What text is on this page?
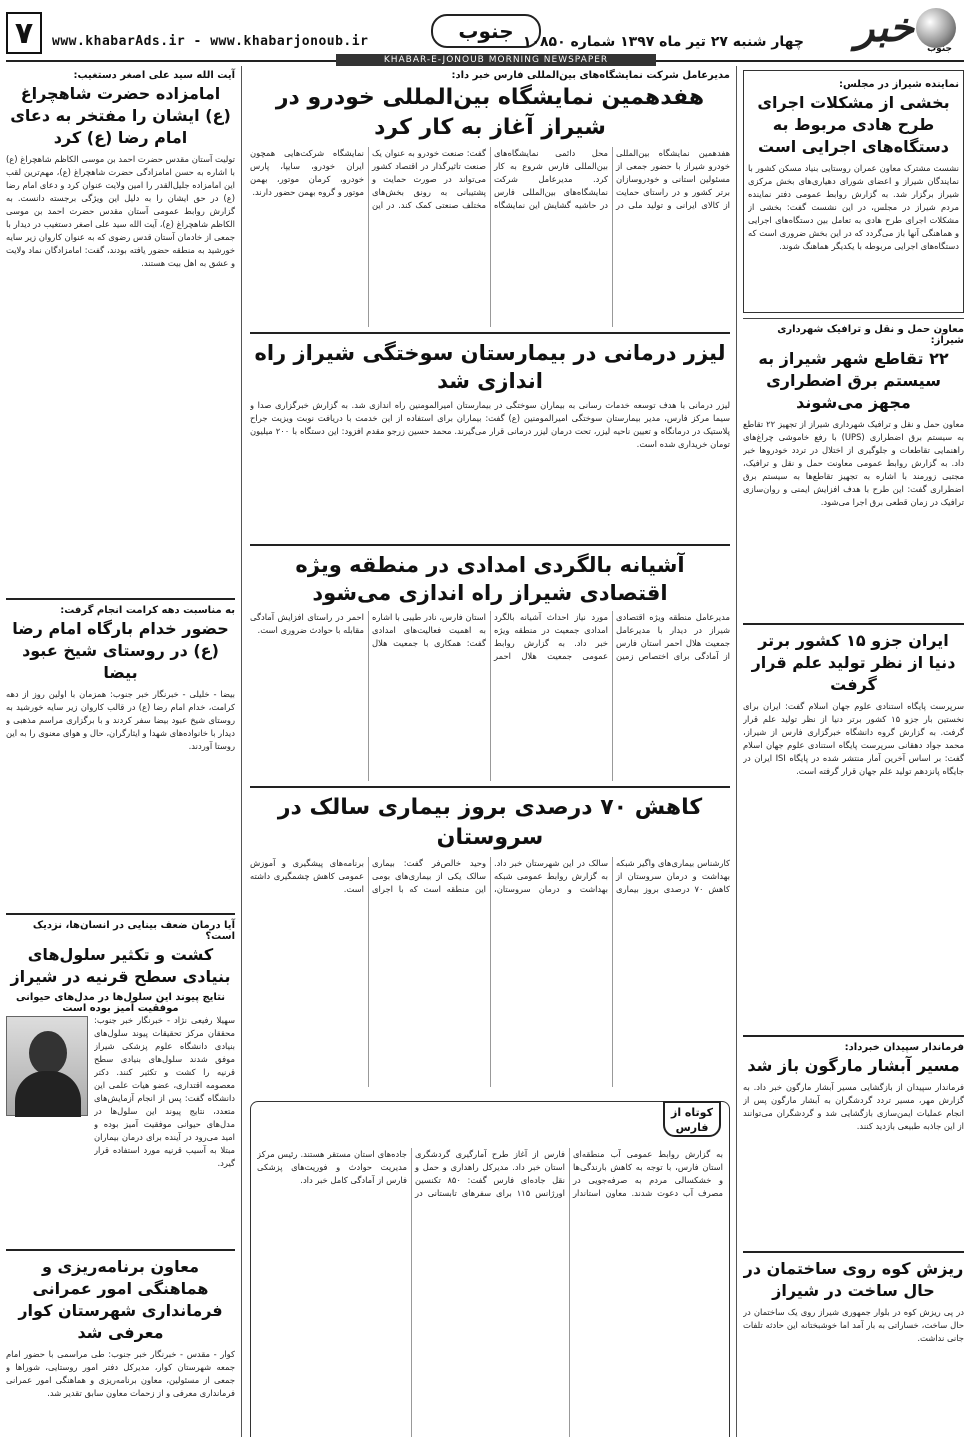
۷	www.khabarAds.ir - www.khabarjonoub.ir	جنوب چهار شنبه ۲۷ تیر ماه ۱۳۹۷ شماره ۱۰۸۵۰ خبر جنوب
KHABAR-E-JONOUB MORNING NEWSPAPER
نماینده شیراز در مجلس:
بخشی از مشکلات اجرای طرح هادی مربوط به دستگاه‌های اجرایی است
نشست مشترک معاون عمران روستایی بنیاد مسکن کشور با نمایندگان شیراز و اعضای شورای دهیاری‌های بخش مرکزی شیراز برگزار شد. به گزارش روابط عمومی دفتر نماینده مردم شیراز در مجلس، در این نشست گفت: بخشی از مشکلات اجرای طرح هادی به تعامل بین دستگاه‌های اجرایی و هماهنگی آنها باز می‌گردد که در این بخش ضروری است که دستگاه‌های اجرایی مربوطه با یکدیگر هماهنگ شوند.
معاون حمل و نقل و ترافیک شهرداری شیراز:
۲۲ تقاطع شهر شیراز به سیستم برق اضطراری مجهز می‌شوند
معاون حمل و نقل و ترافیک شهرداری شیراز از تجهیز ۲۲ تقاطع به سیستم برق اضطراری (UPS) با رفع خاموشی چراغ‌های راهنمایی تقاطعات و جلوگیری از اختلال در تردد خودروها خبر داد. به گزارش روابط عمومی معاونت حمل و نقل و ترافیک، مجتبی زورمند با اشاره به تجهیز تقاطع‌ها به سیستم برق اضطراری گفت: این طرح با هدف افزایش ایمنی و روان‌سازی ترافیک در زمان قطعی برق اجرا می‌شود.
ایران جزو ۱۵ کشور برتر دنیا از نظر تولید علم قرار گرفت
سرپرست پایگاه استنادی علوم جهان اسلام گفت: ایران برای نخستین بار جزو ۱۵ کشور برتر دنیا از نظر تولید علم قرار گرفت. به گزارش گروه دانشگاه خبرگزاری فارس از شیراز، محمد جواد دهقانی سرپرست پایگاه استنادی علوم جهان اسلام گفت: بر اساس آخرین آمار منتشر شده در پایگاه ISI ایران در جایگاه پانزدهم تولید علم جهان قرار گرفته است.
فرماندار سپیدان خبرداد:
مسیر آبشار مارگون باز شد
فرماندار سپیدان از بازگشایی مسیر آبشار مارگون خبر داد. به گزارش مهر، مسیر تردد گردشگران به آبشار مارگون پس از انجام عملیات ایمن‌سازی بازگشایی شد و گردشگران می‌توانند از این جاذبه طبیعی بازدید کنند.
ریزش کوه روی ساختمان در حال ساخت در شیراز
در پی ریزش کوه در بلوار جمهوری شیراز روی یک ساختمان در حال ساخت، خساراتی به بار آمد اما خوشبختانه این حادثه تلفات جانی نداشت.
مدیرعامل شرکت نمایشگاه‌های بین‌المللی فارس خبر داد:
هفدهمین نمایشگاه بین‌المللی خودرو در شیراز آغاز به کار کرد
هفدهمین نمایشگاه بین‌المللی خودرو شیراز با حضور جمعی از مسئولین استانی و خودروسازان برتر کشور و در راستای حمایت از کالای ایرانی و تولید ملی در محل دائمی نمایشگاه‌های بین‌المللی فارس شروع به کار کرد. مدیرعامل شرکت نمایشگاه‌های بین‌المللی فارس در حاشیه گشایش این نمایشگاه گفت: صنعت خودرو به عنوان یک صنعت تاثیرگذار در اقتصاد کشور می‌تواند در صورت حمایت و پشتیبانی به رونق بخش‌های مختلف صنعتی کمک کند. در این نمایشگاه شرکت‌هایی همچون ایران خودرو، سایپا، پارس خودرو، کرمان موتور، بهمن موتور و گروه بهمن حضور دارند.
لیزر درمانی در بیمارستان سوختگی شیراز راه اندازی شد
لیزر درمانی با هدف توسعه خدمات رسانی به بیماران سوختگی در بیمارستان امیرالمومنین راه اندازی شد. به گزارش خبرگزاری صدا و سیما مرکز فارس، مدیر بیمارستان سوختگی امیرالمومنین (ع) گفت: بیماران برای استفاده از این خدمت با دریافت نوبت ویزیت جراح پلاستیک در درمانگاه و تعیین ناحیه لیزر، تحت درمان لیزر درمانی قرار می‌گیرند. محمد حسین زرجو مقدم افزود: این دستگاه با ۲۰۰ میلیون تومان خریداری شده است.
آشیانه بالگردی امدادی در منطقه ویژه اقتصادی شیراز راه اندازی می‌شود
مدیرعامل منطقه ویژه اقتصادی شیراز در دیدار با مدیرعامل جمعیت هلال احمر استان فارس از آمادگی برای اختصاص زمین مورد نیاز احداث آشیانه بالگرد امدادی جمعیت در منطقه ویژه خبر داد. به گزارش روابط عمومی جمعیت هلال احمر استان فارس، نادر طیبی با اشاره به اهمیت فعالیت‌های امدادی گفت: همکاری با جمعیت هلال احمر در راستای افزایش آمادگی مقابله با حوادث ضروری است.
کاهش ۷۰ درصدی بروز بیماری سالک در سروستان
کارشناس بیماری‌های واگیر شبکه بهداشت و درمان سروستان از کاهش ۷۰ درصدی بروز بیماری سالک در این شهرستان خبر داد. به گزارش روابط عمومی شبکه بهداشت و درمان سروستان، وحید خالص‌فر گفت: بیماری سالک یکی از بیماری‌های بومی این منطقه است که با اجرای برنامه‌های پیشگیری و آموزش عمومی کاهش چشمگیری داشته است.
کوتاه از فارس
به گزارش روابط عمومی آب منطقه‌ای استان فارس، با توجه به کاهش بارندگی‌ها و خشکسالی مردم به صرفه‌جویی در مصرف آب دعوت شدند. معاون استاندار فارس از آغاز طرح آمارگیری گردشگری استان خبر داد. مدیرکل راهداری و حمل و نقل جاده‌ای فارس گفت: ۸۵۰ تکنسین اورژانس ۱۱۵ برای سفرهای تابستانی در جاده‌های استان مستقر هستند. رئیس مرکز مدیریت حوادث و فوریت‌های پزشکی فارس از آمادگی کامل خبر داد.
آیت الله سید علی اصغر دستغیب:
امامزاده حضرت شاهچراغ (ع) ایشان را مفتخر به دعای امام رضا (ع) کرد
تولیت آستان مقدس حضرت احمد بن موسی الکاظم شاهچراغ (ع) با اشاره به حسن امامزادگی حضرت شاهچراغ (ع)، مهم‌ترین لقب این امامزاده جلیل‌القدر را امین ولایت عنوان کرد و دعای امام رضا (ع) در حق ایشان را به دلیل این ویژگی برجسته دانست. به گزارش روابط عمومی آستان مقدس حضرت احمد بن موسی الکاظم شاهچراغ (ع)، آیت الله سید علی اصغر دستغیب در دیدار با جمعی از خادمان آستان قدس رضوی که به عنوان کاروان زیر سایه خورشید به منطقه حضور یافته بودند، گفت: امامزادگان نماد ولایت و عشق به اهل بیت هستند.
به مناسبت دهه کرامت انجام گرفت:
حضور خدام بارگاه امام رضا (ع) در روستای شیخ عبود بیضا
بیضا - خلیلی - خبرنگار خبر جنوب: همزمان با اولین روز از دهه کرامت، خدام امام رضا (ع) در قالب کاروان زیر سایه خورشید به روستای شیخ عبود بیضا سفر کردند و با برگزاری مراسم مذهبی و دیدار با خانواده‌های شهدا و ایثارگران، حال و هوای معنوی را به این روستا آوردند.
آیا درمان ضعف بینایی در انسان‌ها، نزدیک است؟
کشت و تکثیر سلول‌های بنیادی سطح قرنیه در شیراز
نتایج پیوند این سلول‌ها در مدل‌های حیوانی موفقیت آمیز بوده است
سهیلا رفیعی نژاد - خبرنگار خبر جنوب: محققان مرکز تحقیقات پیوند سلول‌های بنیادی دانشگاه علوم پزشکی شیراز موفق شدند سلول‌های بنیادی سطح قرنیه را کشت و تکثیر کنند. دکتر معصومه اقتداری، عضو هیات علمی این دانشگاه گفت: پس از انجام آزمایش‌های متعدد، نتایج پیوند این سلول‌ها در مدل‌های حیوانی موفقیت آمیز بوده و امید می‌رود در آینده برای درمان بیماران مبتلا به آسیب قرنیه مورد استفاده قرار گیرد.
معاون برنامه‌ریزی و هماهنگی امور عمرانی فرمانداری شهرستان کوار معرفی شد
کوار - مقدس - خبرنگار خبر جنوب: طی مراسمی با حضور امام جمعه شهرستان کوار، مدیرکل دفتر امور روستایی، شوراها و جمعی از مسئولین، معاون برنامه‌ریزی و هماهنگی امور عمرانی فرمانداری معرفی و از زحمات معاون سابق تقدیر شد.
